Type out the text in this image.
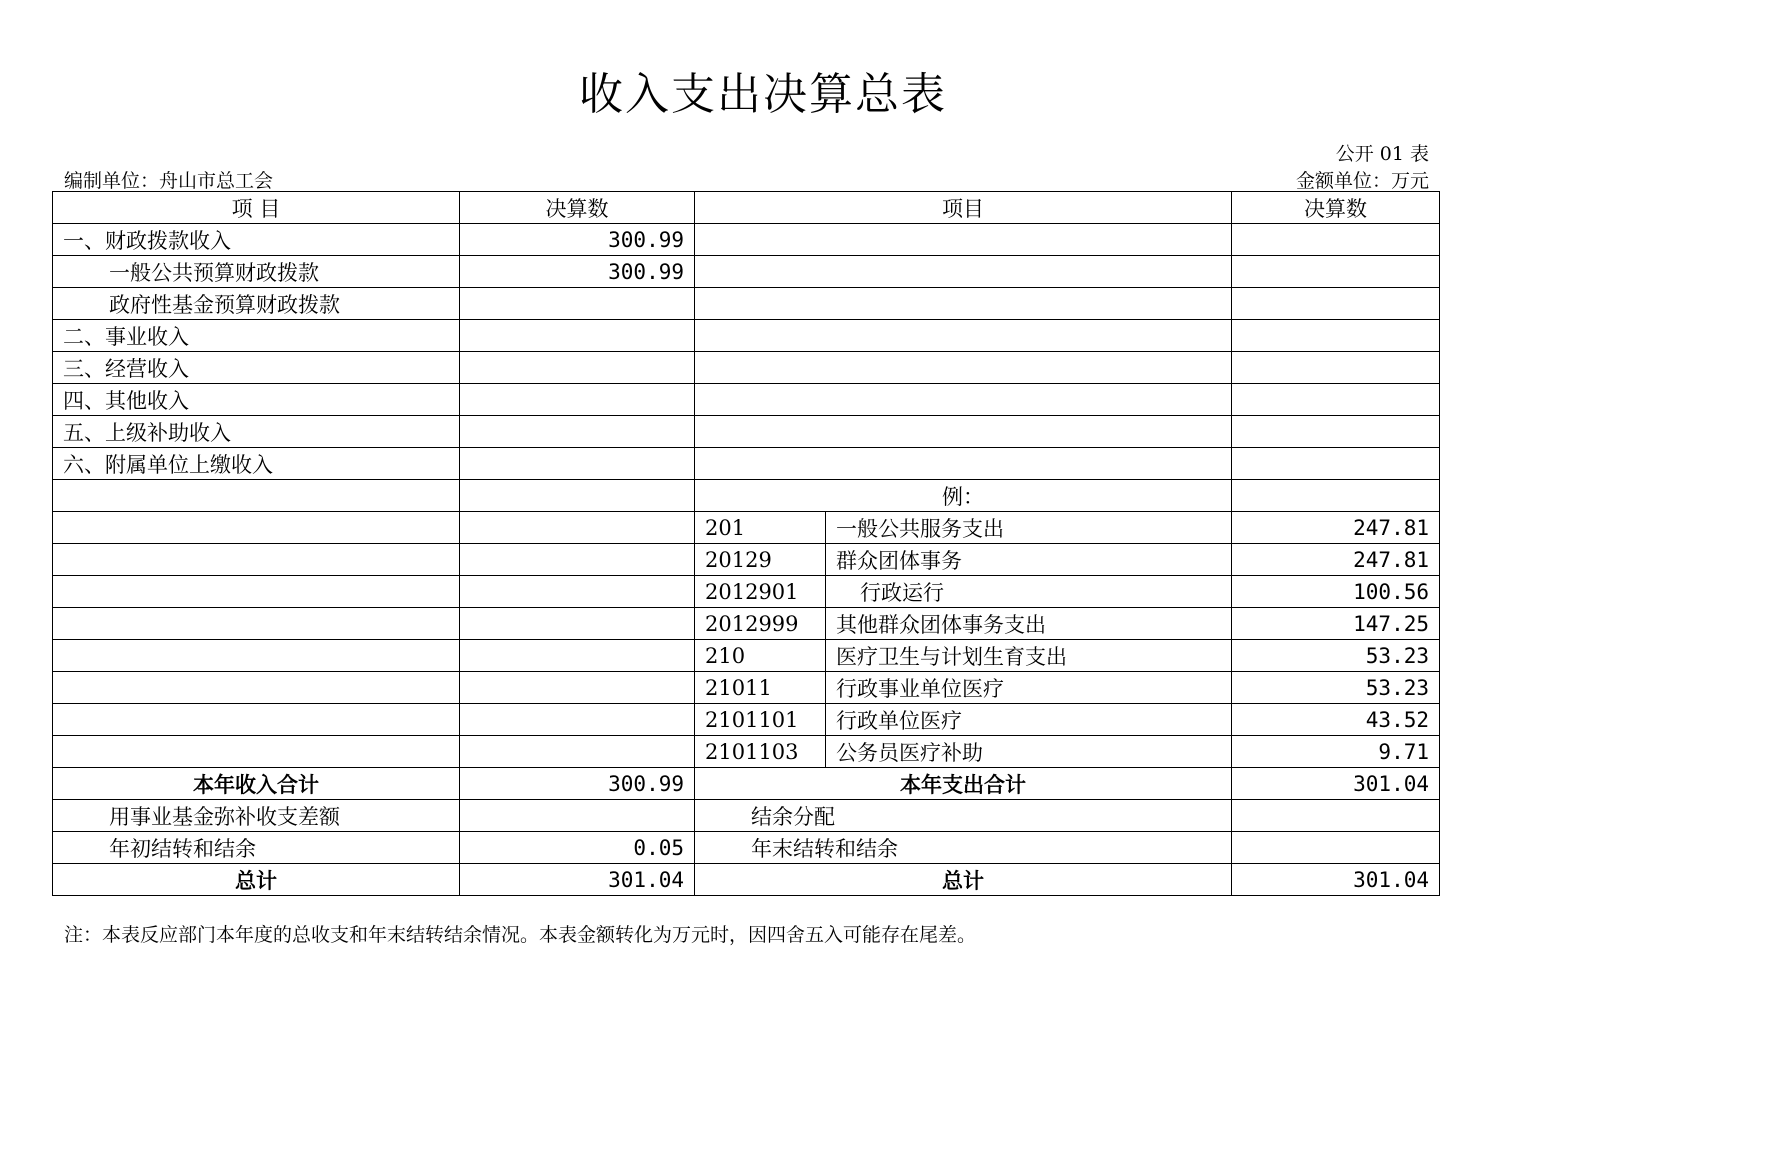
收入支出决算总表
公开 01 表
编制单位：舟山市总工会	金额单位：万元
项 目	决算数	项目		决算数
一、财政拨款收入	300.99			
一般公共预算财政拨款	300.99			
政府性基金预算财政拨款				
二、事业收入				
三、经营收入				
四、其他收入				
五、上级补助收入				
六、附属单位上缴收入				
		例：		
		201	一般公共服务支出	247.81
		20129	群众团体事务	247.81
		2012901	行政运行	100.56
		2012999	其他群众团体事务支出	147.25
		210	医疗卫生与计划生育支出	53.23
		21011	行政事业单位医疗	53.23
		2101101	行政单位医疗	43.52
		2101103	公务员医疗补助	9.71
本年收入合计	300.99	本年支出合计		301.04
用事业基金弥补收支差额		结余分配		
年初结转和结余	0.05	年末结转和结余		
总计	301.04	总计		301.04
注：本表反应部门本年度的总收支和年末结转结余情况。本表金额转化为万元时，因四舍五入可能存在尾差。
